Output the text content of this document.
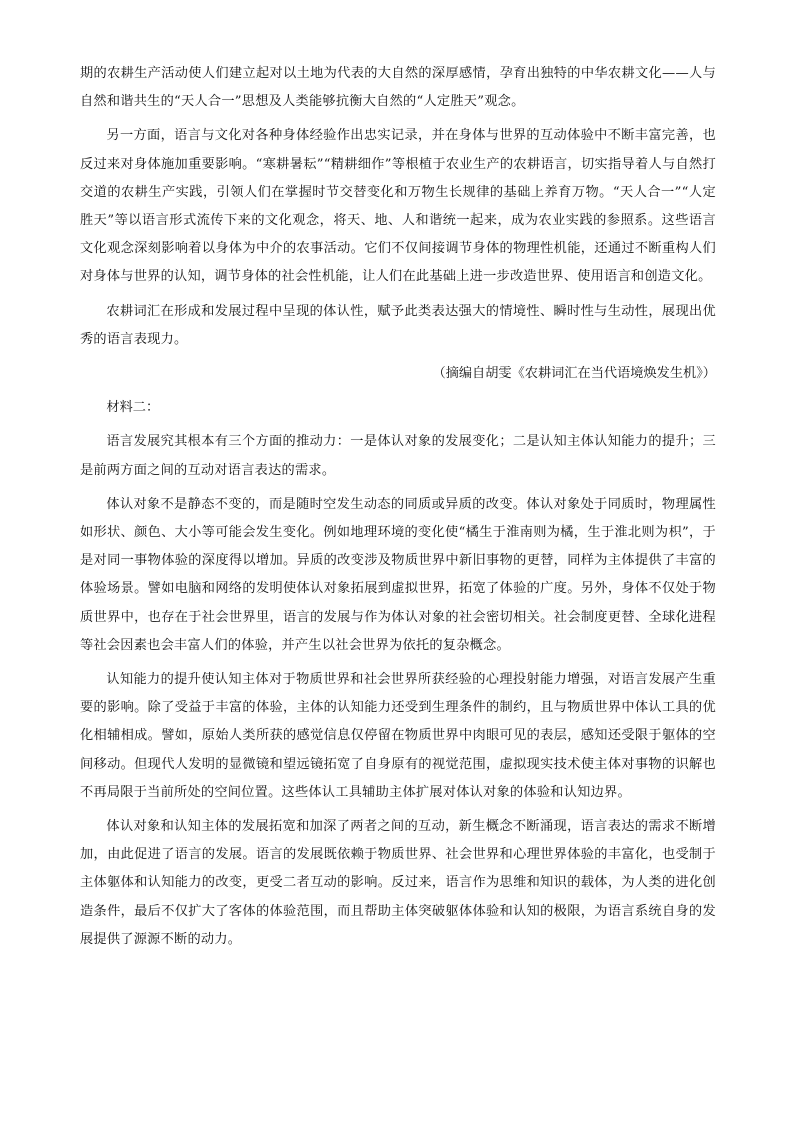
期的农耕生产活动使人们建立起对以土地为代表的大自然的深厚感情，孕育出独特的中华农耕文化——人与自然和谐共生的“天人合一”思想及人类能够抗衡大自然的“人定胜天”观念。

另一方面，语言与文化对各种身体经验作出忠实记录，并在身体与世界的互动体验中不断丰富完善，也反过来对身体施加重要影响。“寒耕暑耘”“精耕细作”等根植于农业生产的农耕语言，切实指导着人与自然打交道的农耕生产实践，引领人们在掌握时节交替变化和万物生长规律的基础上养育万物。“天人合一”“人定胜天”等以语言形式流传下来的文化观念，将天、地、人和谐统一起来，成为农业实践的参照系。这些语言文化观念深刻影响着以身体为中介的农事活动。它们不仅间接调节身体的物理性机能，还通过不断重构人们对身体与世界的认知，调节身体的社会性机能，让人们在此基础上进一步改造世界、使用语言和创造文化。

农耕词汇在形成和发展过程中呈现的体认性，赋予此类表达强大的情境性、瞬时性与生动性，展现出优秀的语言表现力。

（摘编自胡雯《农耕词汇在当代语境焕发生机》）

材料二：

语言发展究其根本有三个方面的推动力：一是体认对象的发展变化；二是认知主体认知能力的提升；三是前两方面之间的互动对语言表达的需求。

体认对象不是静态不变的，而是随时空发生动态的同质或异质的改变。体认对象处于同质时，物理属性如形状、颜色、大小等可能会发生变化。例如地理环境的变化使“橘生于淮南则为橘，生于淮北则为枳”，于是对同一事物体验的深度得以增加。异质的改变涉及物质世界中新旧事物的更替，同样为主体提供了丰富的体验场景。譬如电脑和网络的发明使体认对象拓展到虚拟世界，拓宽了体验的广度。另外，身体不仅处于物质世界中，也存在于社会世界里，语言的发展与作为体认对象的社会密切相关。社会制度更替、全球化进程等社会因素也会丰富人们的体验，并产生以社会世界为依托的复杂概念。

认知能力的提升使认知主体对于物质世界和社会世界所获经验的心理投射能力增强，对语言发展产生重要的影响。除了受益于丰富的体验，主体的认知能力还受到生理条件的制约，且与物质世界中体认工具的优化相辅相成。譬如，原始人类所获的感觉信息仅停留在物质世界中肉眼可见的表层，感知还受限于躯体的空间移动。但现代人发明的显微镜和望远镜拓宽了自身原有的视觉范围，虚拟现实技术使主体对事物的识解也不再局限于当前所处的空间位置。这些体认工具辅助主体扩展对体认对象的体验和认知边界。

体认对象和认知主体的发展拓宽和加深了两者之间的互动，新生概念不断涌现，语言表达的需求不断增加，由此促进了语言的发展。语言的发展既依赖于物质世界、社会世界和心理世界体验的丰富化，也受制于主体躯体和认知能力的改变，更受二者互动的影响。反过来，语言作为思维和知识的载体，为人类的进化创造条件，最后不仅扩大了客体的体验范围，而且帮助主体突破躯体体验和认知的极限，为语言系统自身的发展提供了源源不断的动力。
